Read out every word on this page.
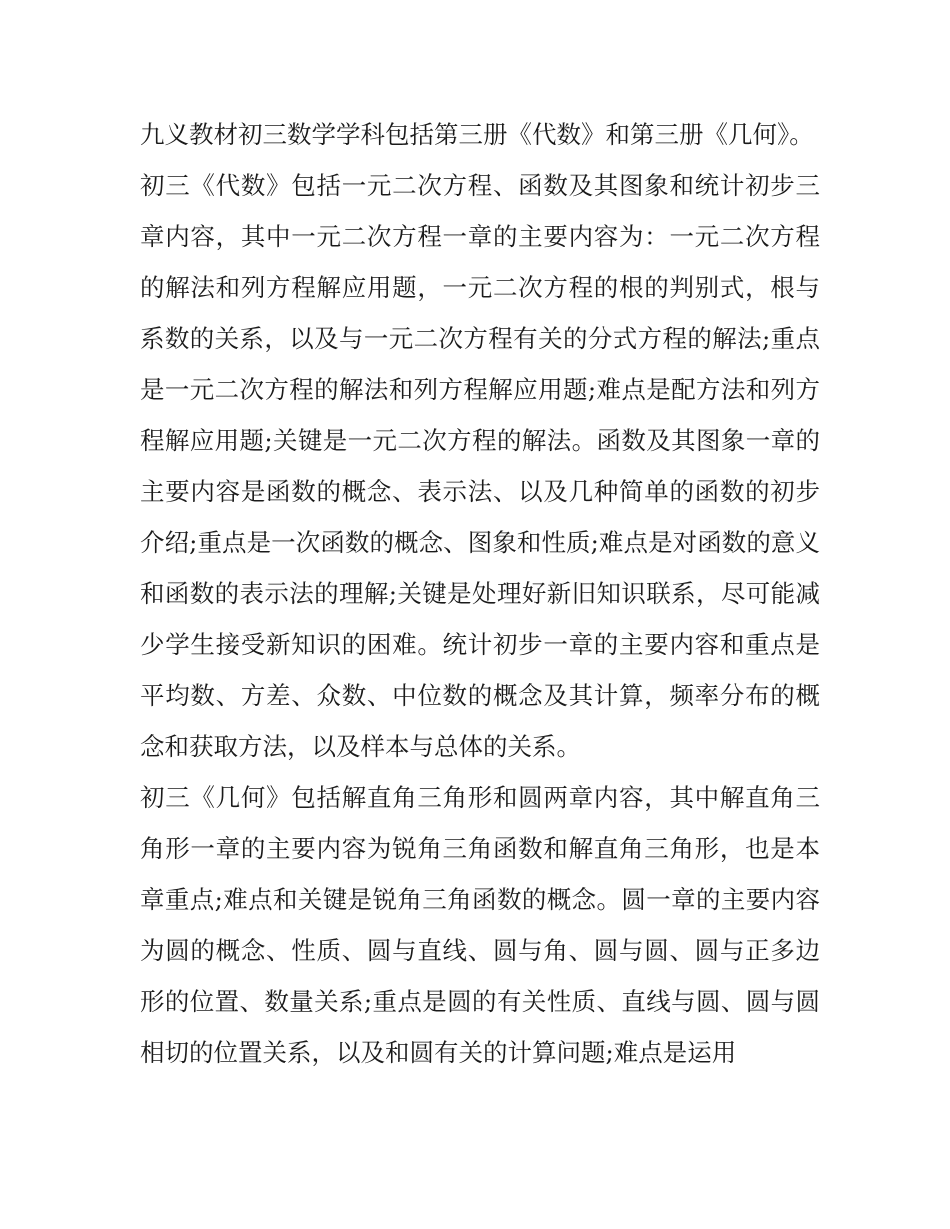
九义教材初三数学学科包括第三册《代数》和第三册《几何》。

初三《代数》包括一元二次方程、函数及其图象和统计初步三章内容，其中一元二次方程一章的主要内容为：一元二次方程的解法和列方程解应用题，一元二次方程的根的判别式，根与系数的关系，以及与一元二次方程有关的分式方程的解法;重点是一元二次方程的解法和列方程解应用题;难点是配方法和列方程解应用题;关键是一元二次方程的解法。函数及其图象一章的主要内容是函数的概念、表示法、以及几种简单的函数的初步介绍;重点是一次函数的概念、图象和性质;难点是对函数的意义和函数的表示法的理解;关键是处理好新旧知识联系，尽可能减少学生接受新知识的困难。统计初步一章的主要内容和重点是平均数、方差、众数、中位数的概念及其计算，频率分布的概念和获取方法，以及样本与总体的关系。

初三《几何》包括解直角三角形和圆两章内容，其中解直角三角形一章的主要内容为锐角三角函数和解直角三角形，也是本章重点;难点和关键是锐角三角函数的概念。圆一章的主要内容为圆的概念、性质、圆与直线、圆与角、圆与圆、圆与正多边形的位置、数量关系;重点是圆的有关性质、直线与圆、圆与圆相切的位置关系，以及和圆有关的计算问题;难点是运用
